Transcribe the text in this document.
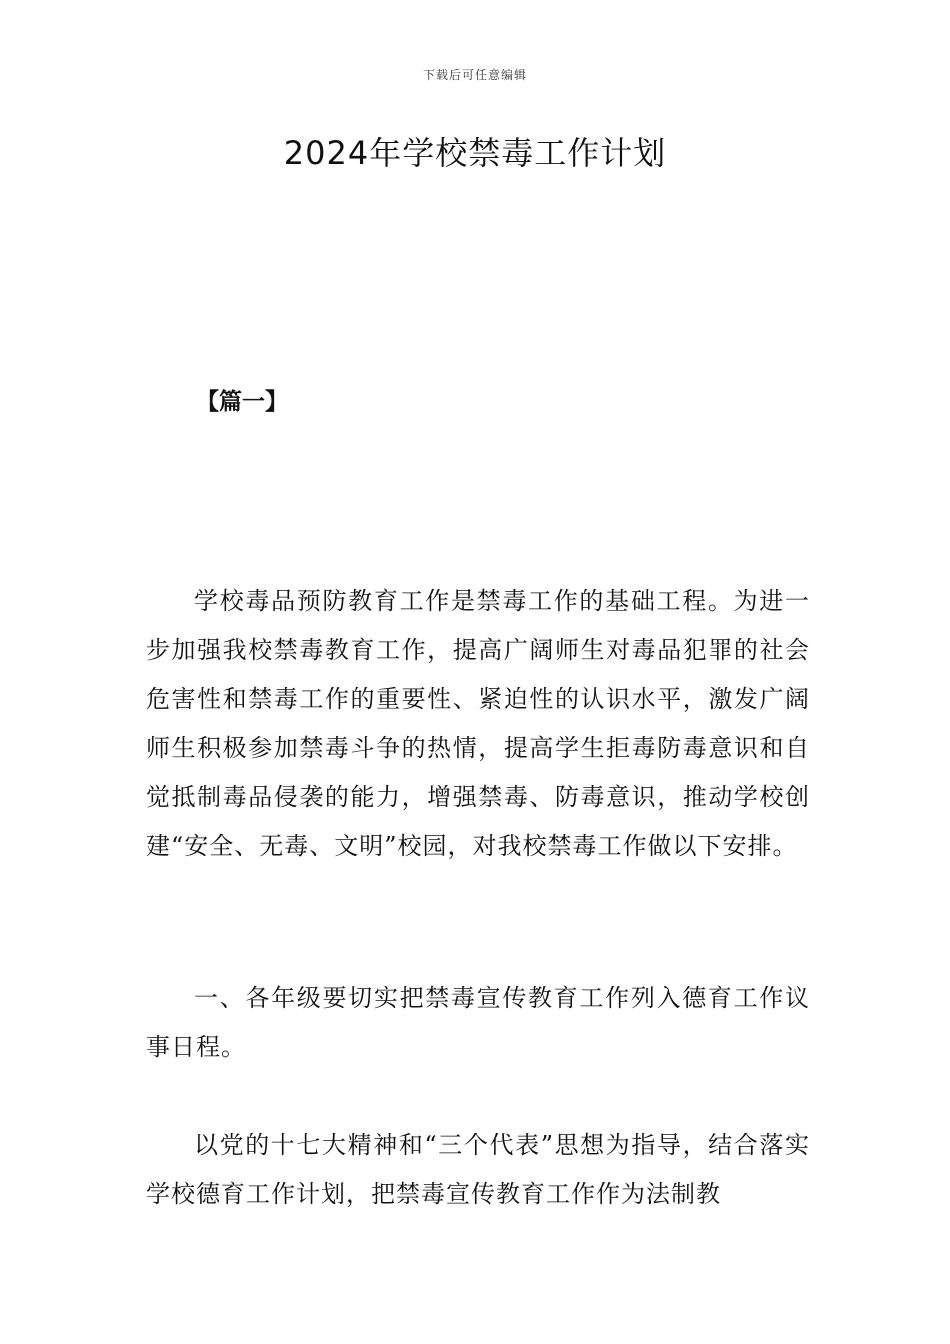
下载后可任意编辑
2024年学校禁毒工作计划
【篇一】

学校毒品预防教育工作是禁毒工作的基础工程。为进一步加强我校禁毒教育工作，提高广阔师生对毒品犯罪的社会危害性和禁毒工作的重要性、紧迫性的认识水平，激发广阔师生积极参加禁毒斗争的热情，提高学生拒毒防毒意识和自觉抵制毒品侵袭的能力，增强禁毒、防毒意识，推动学校创建“安全、无毒、文明”校园，对我校禁毒工作做以下安排。

一、各年级要切实把禁毒宣传教育工作列入德育工作议事日程。

以党的十七大精神和“三个代表”思想为指导，结合落实学校德育工作计划，把禁毒宣传教育工作作为法制教
